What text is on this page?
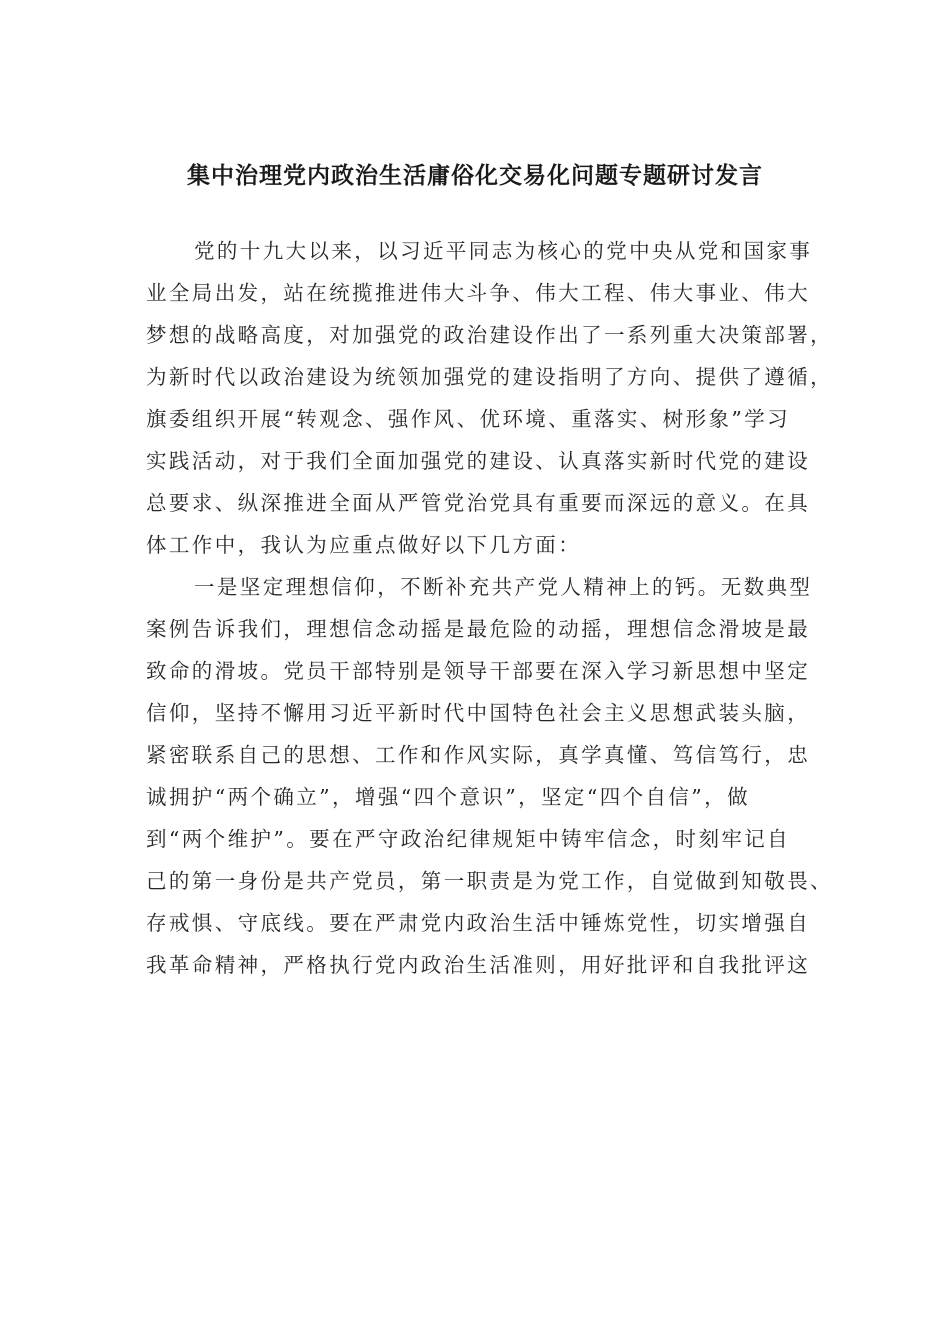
集中治理党内政治生活庸俗化交易化问题专题研讨发言
党的十九大以来，以习近平同志为核心的党中央从党和国家事
业全局出发，站在统揽推进伟大斗争、伟大工程、伟大事业、伟大
梦想的战略高度，对加强党的政治建设作出了一系列重大决策部署，
为新时代以政治建设为统领加强党的建设指明了方向、提供了遵循，
旗委组织开展“转观念、强作风、优环境、重落实、树形象”学习
实践活动，对于我们全面加强党的建设、认真落实新时代党的建设
总要求、纵深推进全面从严管党治党具有重要而深远的意义。在具
体工作中，我认为应重点做好以下几方面：
一是坚定理想信仰，不断补充共产党人精神上的钙。无数典型
案例告诉我们，理想信念动摇是最危险的动摇，理想信念滑坡是最
致命的滑坡。党员干部特别是领导干部要在深入学习新思想中坚定
信仰，坚持不懈用习近平新时代中国特色社会主义思想武装头脑，
紧密联系自己的思想、工作和作风实际，真学真懂、笃信笃行，忠
诚拥护“两个确立”，增强“四个意识”，坚定“四个自信”，做
到“两个维护”。要在严守政治纪律规矩中铸牢信念，时刻牢记自
己的第一身份是共产党员，第一职责是为党工作，自觉做到知敬畏、
存戒惧、守底线。要在严肃党内政治生活中锤炼党性，切实增强自
我革命精神，严格执行党内政治生活准则，用好批评和自我批评这
